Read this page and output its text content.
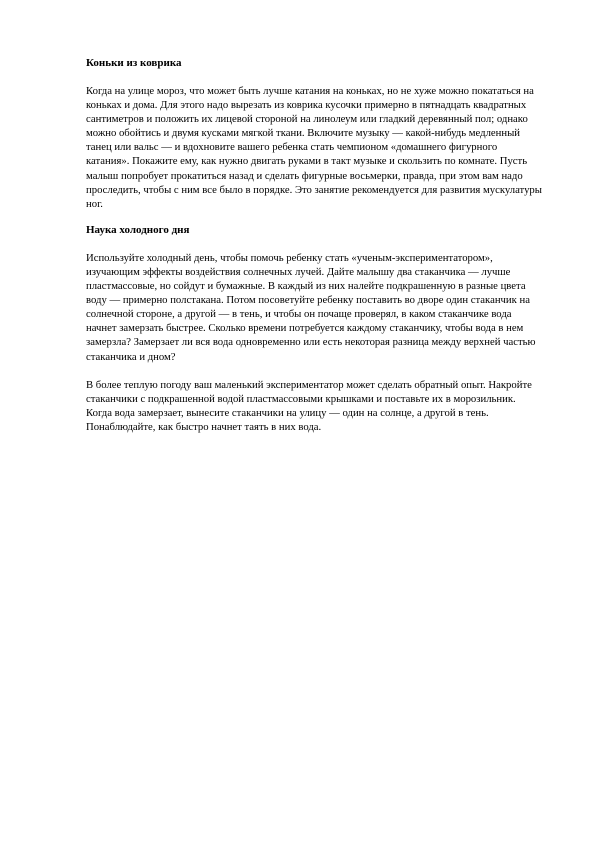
Коньки из коврика

Когда на улице мороз, что может быть лучше катания на коньках, но не хуже можно покататься на коньках и дома. Для этого надо вырезать из коврика кусочки примерно в пятнадцать квадратных сантиметров и положить их лицевой стороной на линолеум или гладкий деревянный пол; однако можно обойтись и двумя кусками мягкой ткани. Включите музыку — какой-нибудь медленный танец или вальс — и вдохновите вашего ребенка стать чемпионом «домашнего фигурного катания». Покажите ему, как нужно двигать руками в такт музыке и скользить по комнате. Пусть малыш попробует прокатиться назад и сделать фигурные восьмерки, правда, при этом вам надо проследить, чтобы с ним все было в порядке. Это занятие рекомендуется для развития мускулатуры ног.

Наука холодного дня

Используйте холодный день, чтобы помочь ребенку стать «ученым-экспериментатором», изучающим эффекты воздействия солнечных лучей. Дайте малышу два стаканчика — лучше пластмассовые, но сойдут и бумажные. В каждый из них налейте подкрашенную в разные цвета воду — примерно полстакана. Потом посоветуйте ребенку поставить во дворе один стаканчик на солнечной стороне, а другой — в тень, и чтобы он почаще проверял, в каком стаканчике вода начнет замерзать быстрее. Сколько времени потребуется каждому стаканчику, чтобы вода в нем замерзла? Замерзает ли вся вода одновременно или есть некоторая разница между верхней частью стаканчика и дном?

В более теплую погоду ваш маленький экспериментатор может сделать обратный опыт. Накройте стаканчики с подкрашенной водой пластмассовыми крышками и поставьте их в морозильник. Когда вода замерзает, вынесите стаканчики на улицу — один на солнце, а другой в тень. Понаблюдайте, как быстро начнет таять в них вода.
